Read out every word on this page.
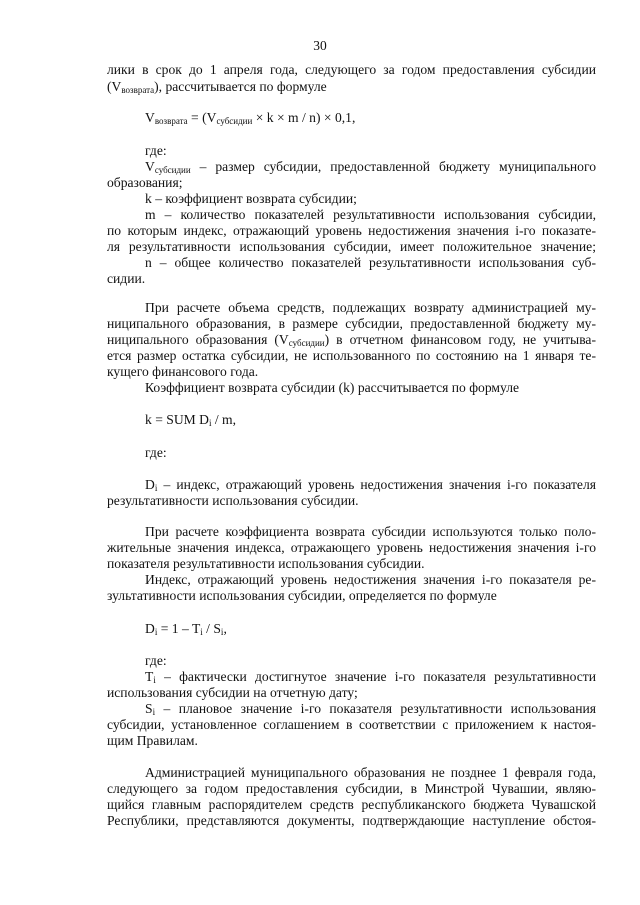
30
лики в срок до 1 апреля года, следующего за годом предоставления субсидии
$(V_{возврата})$, рассчитывается по формуле
$V_{возврата} = (V_{субсидии} \times k \times m / n) \times 0,1$,
где:
$V_{субсидии}$ – размер субсидии, предоставленной бюджету муниципального
образования;
k – коэффициент возврата субсидии;
m – количество показателей результативности использования субсидии,
по которым индекс, отражающий уровень недостижения значения i-го показате-
ля результативности использования субсидии, имеет положительное значение;
n – общее количество показателей результативности использования суб-
сидии.
При расчете объема средств, подлежащих возврату администрацией му-
ниципального образования, в размере субсидии, предоставленной бюджету му-
ниципального образования $(V_{субсидии})$ в отчетном финансовом году, не учитыва-
ется размер остатка субсидии, не использованного по состоянию на 1 января те-
кущего финансового года.
Коэффициент возврата субсидии (k) рассчитывается по формуле
k = SUM $D_i$ / m,
где:
$D_i$ – индекс, отражающий уровень недостижения значения i-го показателя
результативности использования субсидии.
При расчете коэффициента возврата субсидии используются только поло-
жительные значения индекса, отражающего уровень недостижения значения i-го
показателя результативности использования субсидии.
Индекс, отражающий уровень недостижения значения i-го показателя ре-
зультативности использования субсидии, определяется по формуле
$D_i = 1 - T_i / S_i$,
где:
$T_i$ – фактически достигнутое значение i-го показателя результативности
использования субсидии на отчетную дату;
$S_i$ – плановое значение i-го показателя результативности использования
субсидии, установленное соглашением в соответствии с приложением к настоя-
щим Правилам.
Администрацией муниципального образования не позднее 1 февраля года,
следующего за годом предоставления субсидии, в Минстрой Чувашии, являю-
щийся главным распорядителем средств республиканского бюджета Чувашской
Республики, представляются документы, подтверждающие наступление обстоя-
